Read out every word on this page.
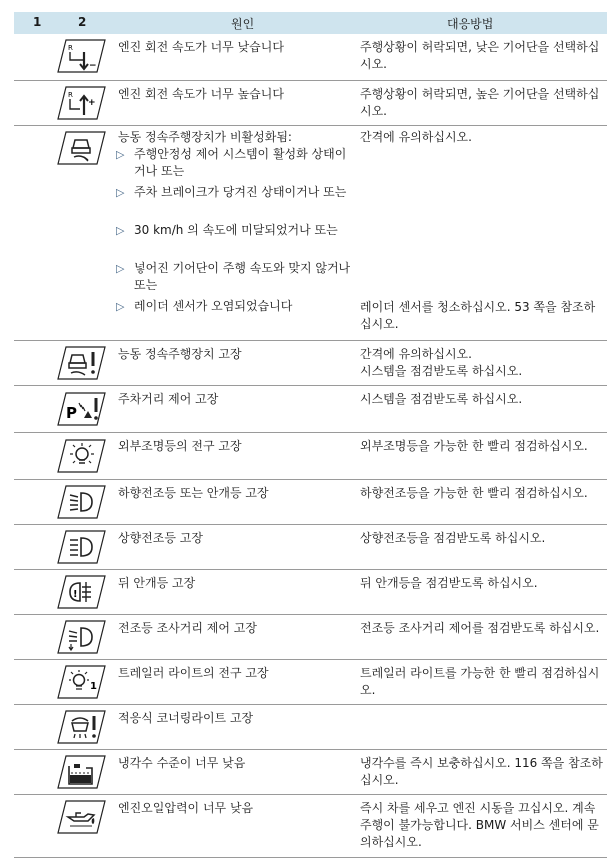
1	2	원인	대응방법
R
−
엔진 회전 속도가 너무 낮습니다	주행상황이 허락되면, 낮은 기어단을 선택하십시오.
R
+
엔진 회전 속도가 너무 높습니다	주행상황이 허락되면, 높은 기어단을 선택하십시오.
능동 정속주행장치가 비활성화됨:	간격에 유의하십시오.
▷ 주행안정성 제어 시스템이 활성화 상태이거나 또는
▷ 주차 브레이크가 당겨진 상태이거나 또는
▷ 30 km/h 의 속도에 미달되었거나 또는
▷ 넣어진 기어단이 주행 속도와 맞지 않거나 또는
▷ 레이더 센서가 오염되었습니다	레이더 센서를 청소하십시오. 53 쪽을 참조하십시오.
능동 정속주행장치 고장	간격에 유의하십시오.
시스템을 점검받도록 하십시오.
P
주차거리 제어 고장	시스템을 점검받도록 하십시오.
외부조명등의 전구 고장	외부조명등을 가능한 한 빨리 점검하십시오.
하향전조등 또는 안개등 고장	하향전조등을 가능한 한 빨리 점검하십시오.
상향전조등 고장	상향전조등을 점검받도록 하십시오.
!
뒤 안개등 고장	뒤 안개등을 점검받도록 하십시오.
전조등 조사거리 제어 고장	전조등 조사거리 제어를 점검받도록 하십시오.
1
트레일러 라이트의 전구 고장	트레일러 라이트를 가능한 한 빨리 점검하십시오.
적응식 코너링라이트 고장
냉각수 수준이 너무 낮음	냉각수를 즉시 보충하십시오. 116 쪽을 참조하십시오.
엔진오일압력이 너무 낮음	즉시 차를 세우고 엔진 시동을 끄십시오. 계속 주행이 불가능합니다. BMW 서비스 센터에 문의하십시오.
